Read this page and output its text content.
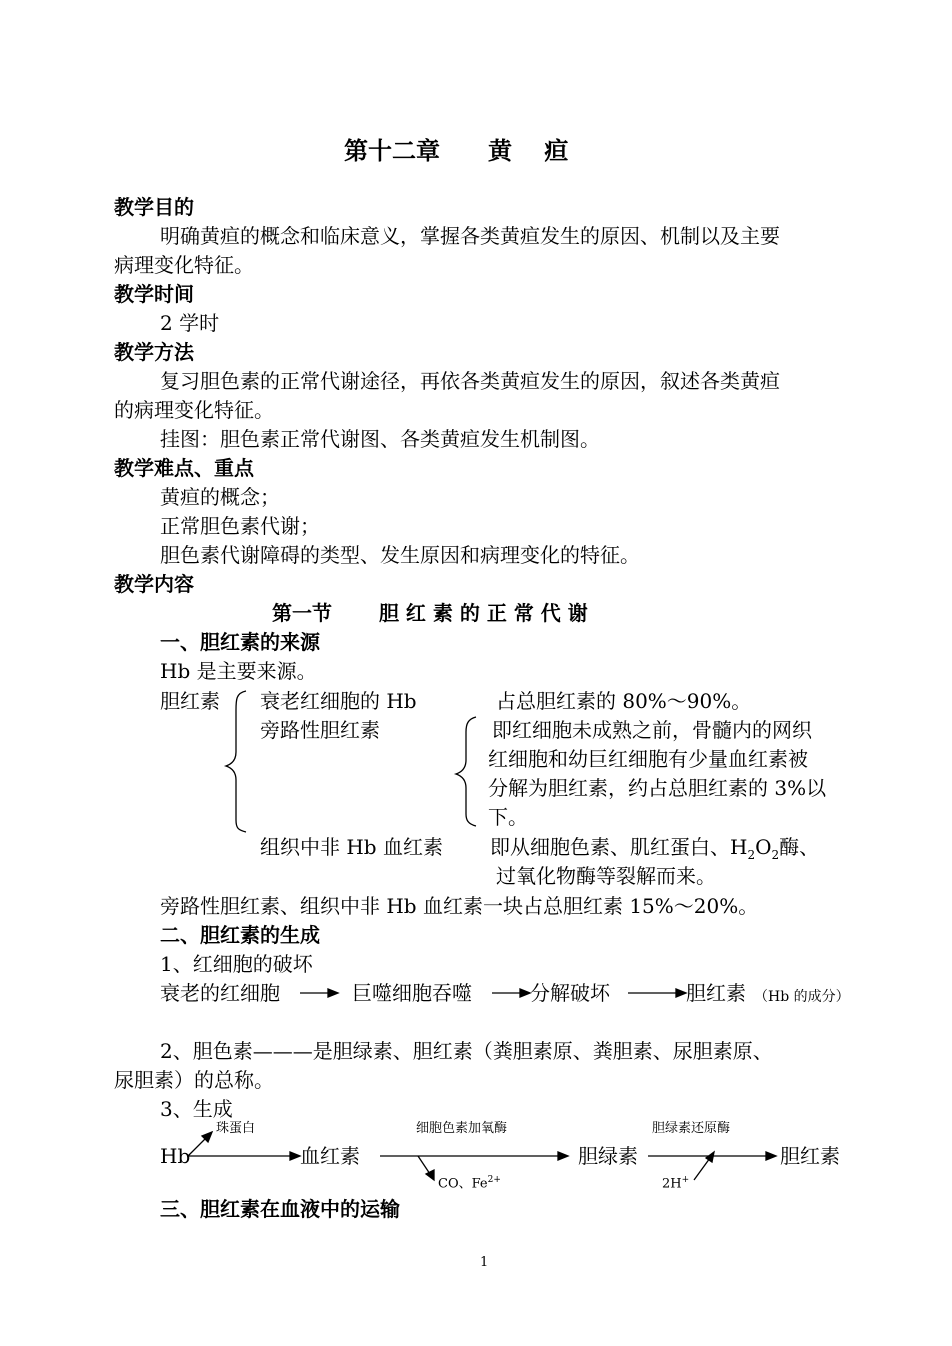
第十二章　　黄　 疸
教学目的
明确黄疸的概念和临床意义，掌握各类黄疸发生的原因、机制以及主要
病理变化特征。
教学时间
2 学时
教学方法
复习胆色素的正常代谢途径，再依各类黄疸发生的原因，叙述各类黄疸
的病理变化特征。
挂图：胆色素正常代谢图、各类黄疸发生机制图。
教学难点、重点
黄疸的概念；
正常胆色素代谢；
胆色素代谢障碍的类型、发生原因和病理变化的特征。
教学内容
第一节　　 胆 红 素 的 正 常 代 谢
一、胆红素的来源
Hb 是主要来源。
胆红素 衰老红细胞的 Hb	占总胆红素的 80%～90%。
旁路性胆红素	即红细胞未成熟之前，骨髓内的网织
红细胞和幼巨红细胞有少量血红素被
分解为胆红素，约占总胆红素的 3%以
下。
组织中非 Hb 血红素 即从细胞色素、肌红蛋白、$H_2O_2$酶、
过氧化物酶等裂解而来。
旁路性胆红素、组织中非 Hb 血红素一块占总胆红素 15%～20%。
二、胆红素的生成
1、红细胞的破坏
衰老的红细胞	巨噬细胞吞噬	分解破坏	胆红素 （Hb 的成分）
2、胆色素———是胆绿素、胆红素（粪胆素原、粪胆素、尿胆素原、
尿胆素）的总称。
3、生成
Hb
珠蛋白
血红素
细胞色素加氧酶
CO、$Fe^{2+}$
胆绿素
胆绿素还原酶
2H+
胆红素
三、胆红素在血液中的运输
1
